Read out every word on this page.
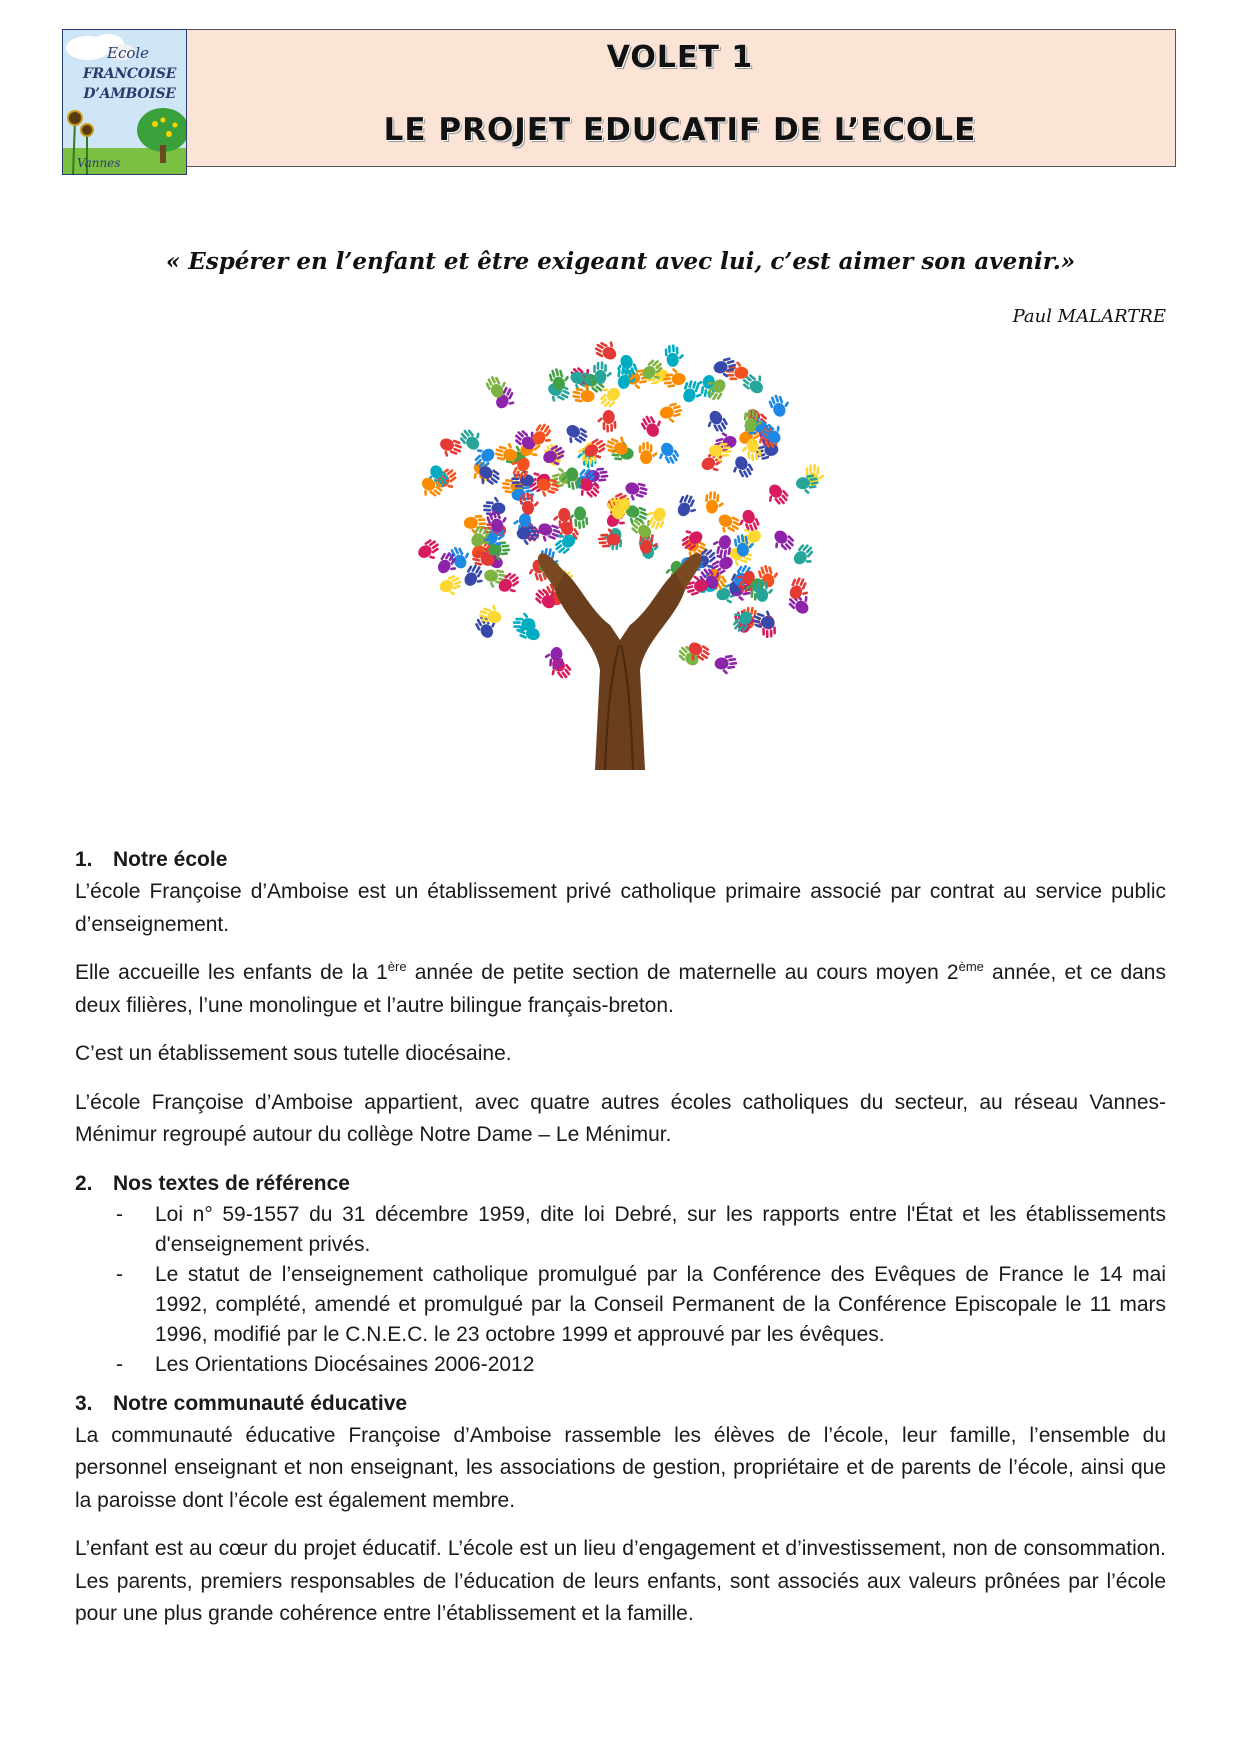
VOLET 1
LE PROJET EDUCATIF DE L’ECOLE
Ecole
FRANCOISE
D’AMBOISE
Vannes
« Espérer en l’enfant et être exigeant avec lui, c’est aimer son avenir.»
Paul MALARTRE
1. Notre école

L’école Françoise d’Amboise est un établissement privé catholique primaire associé par contrat au service public d’enseignement.

Elle accueille les enfants de la 1ère année de petite section de maternelle au cours moyen 2ème année, et ce dans deux filières, l’une monolingue et l’autre bilingue français-breton.

C’est un établissement sous tutelle diocésaine.

L’école Françoise d’Amboise appartient, avec quatre autres écoles catholiques du secteur, au réseau Vannes-Ménimur regroupé autour du collège Notre Dame – Le Ménimur.

2. Nos textes de référence
- Loi n° 59-1557 du 31 décembre 1959, dite loi Debré, sur les rapports entre l'État et les établissements d'enseignement privés.
- Le statut de l’enseignement catholique promulgué par la Conférence des Evêques de France le 14 mai 1992, complété, amendé et promulgué par la Conseil Permanent de la Conférence Episcopale le 11 mars 1996, modifié par le C.N.E.C. le 23 octobre 1999 et approuvé par les évêques.
- Les Orientations Diocésaines 2006-2012
3. Notre communauté éducative

La communauté éducative Françoise d’Amboise rassemble les élèves de l’école, leur famille, l’ensemble du personnel enseignant et non enseignant, les associations de gestion, propriétaire et de parents de l’école, ainsi que la paroisse dont l’école est également membre.

L’enfant est au cœur du projet éducatif. L’école est un lieu d’engagement et d’investissement, non de consommation. Les parents, premiers responsables de l’éducation de leurs enfants, sont associés aux valeurs prônées par l’école pour une plus grande cohérence entre l’établissement et la famille.
